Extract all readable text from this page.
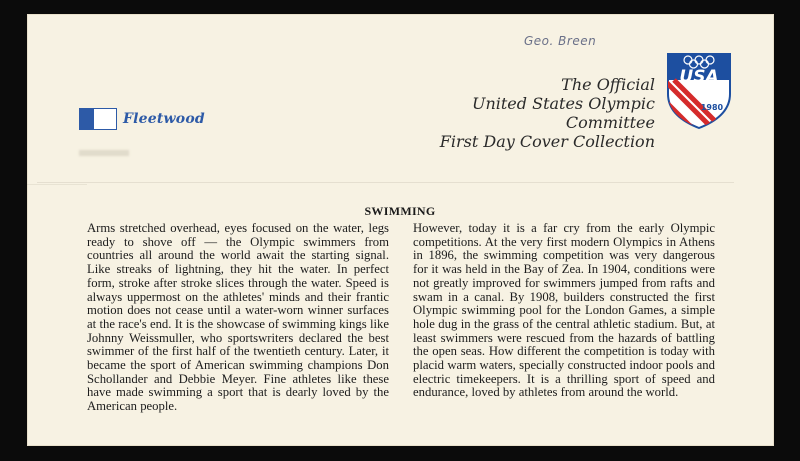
Geo. Breen
Fleetwood
The Official
United States Olympic Committee
First Day Cover Collection
USA
1980
SWIMMING
Arms stretched overhead, eyes focused on the water, legs ready to shove off — the Olympic swimmers from countries all around the world await the starting signal. Like streaks of lightning, they hit the water. In perfect form, stroke after stroke slices through the water. Speed is always uppermost on the athletes' minds and their frantic motion does not cease until a water-worn winner surfaces at the race's end. It is the showcase of swimming kings like Johnny Weissmuller, who sportswriters declared the best swimmer of the first half of the twentieth century. Later, it became the sport of American swimming champions Don Schollander and Debbie Meyer. Fine athletes like these have made swimming a sport that is dearly loved by the American people.
However, today it is a far cry from the early Olympic competitions. At the very first modern Olympics in Athens in 1896, the swimming competition was very dangerous for it was held in the Bay of Zea. In 1904, conditions were not greatly improved for swimmers jumped from rafts and swam in a canal. By 1908, builders constructed the first Olympic swimming pool for the London Games, a simple hole dug in the grass of the central athletic stadium. But, at least swimmers were rescued from the hazards of battling the open seas. How different the competition is today with placid warm waters, specially constructed indoor pools and electric timekeepers. It is a thrilling sport of speed and endurance, loved by athletes from around the world.
